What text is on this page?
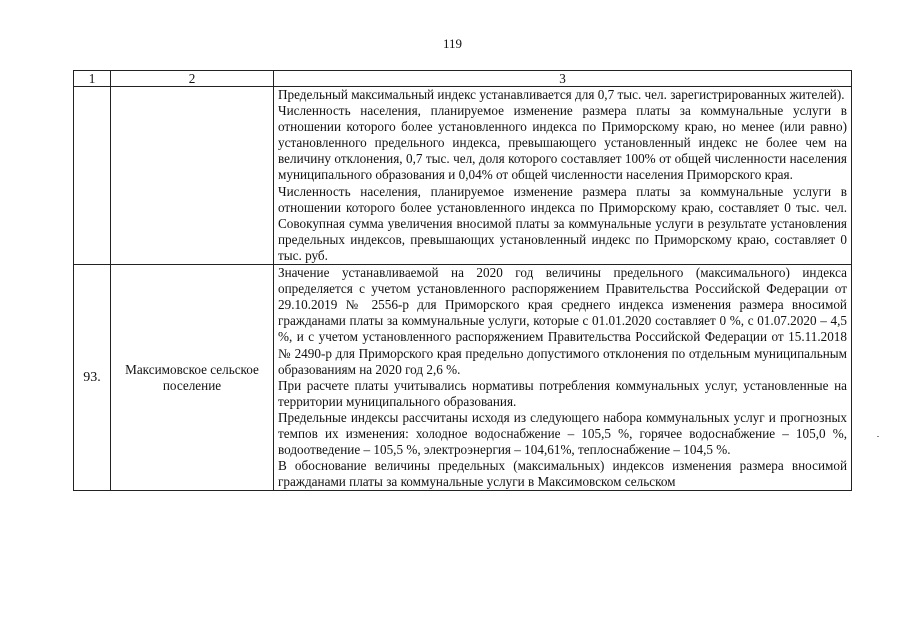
119
1	2	3

		Предельный максимальный индекс устанавливается для 0,7 тыс. чел. зарегистрированных жителей).

Численность населения, планируемое изменение размера платы за коммунальные услуги в отношении которого более установленного индекса по Приморскому краю, но менее (или равно) установленного предельного индекса, превышающего установленный индекс не более чем на величину отклонения, 0,7 тыс. чел, доля которого составляет 100% от общей численности населения муниципального образования и 0,04% от общей численности населения Приморского края.

Численность населения, планируемое изменение размера платы за коммунальные услуги в отношении которого более установленного индекса по Приморскому краю, составляет 0 тыс. чел. Совокупная сумма увеличения вносимой платы за коммунальные услуги в результате установления предельных индексов, превышающих установленный индекс по Приморскому краю, составляет 0 тыс. руб.

93.	Максимовское сельское поселение	Значение устанавливаемой на 2020 год величины предельного (максимального) индекса определяется с учетом установленного распоряжением Правительства Российской Федерации от 29.10.2019 № 2556-р для Приморского края среднего индекса изменения размера вносимой гражданами платы за коммунальные услуги, которые с 01.01.2020 составляет 0 %, с 01.07.2020 – 4,5 %, и с учетом установленного распоряжением Правительства Российской Федерации от 15.11.2018 № 2490-р для Приморского края предельно допустимого отклонения по отдельным муниципальным образованиям на 2020 год 2,6 %.

При расчете платы учитывались нормативы потребления коммунальных услуг, установленные на территории муниципального образования.

Предельные индексы рассчитаны исходя из следующего набора коммунальных услуг и прогнозных темпов их изменения: холодное водоснабжение – 105,5 %, горячее водоснабжение – 105,0 %, водоотведение – 105,5 %, электроэнергия – 104,61%, теплоснабжение – 104,5 %.

В обоснование величины предельных (максимальных) индексов изменения размера вносимой гражданами платы за коммунальные услуги в Максимовском сельском
